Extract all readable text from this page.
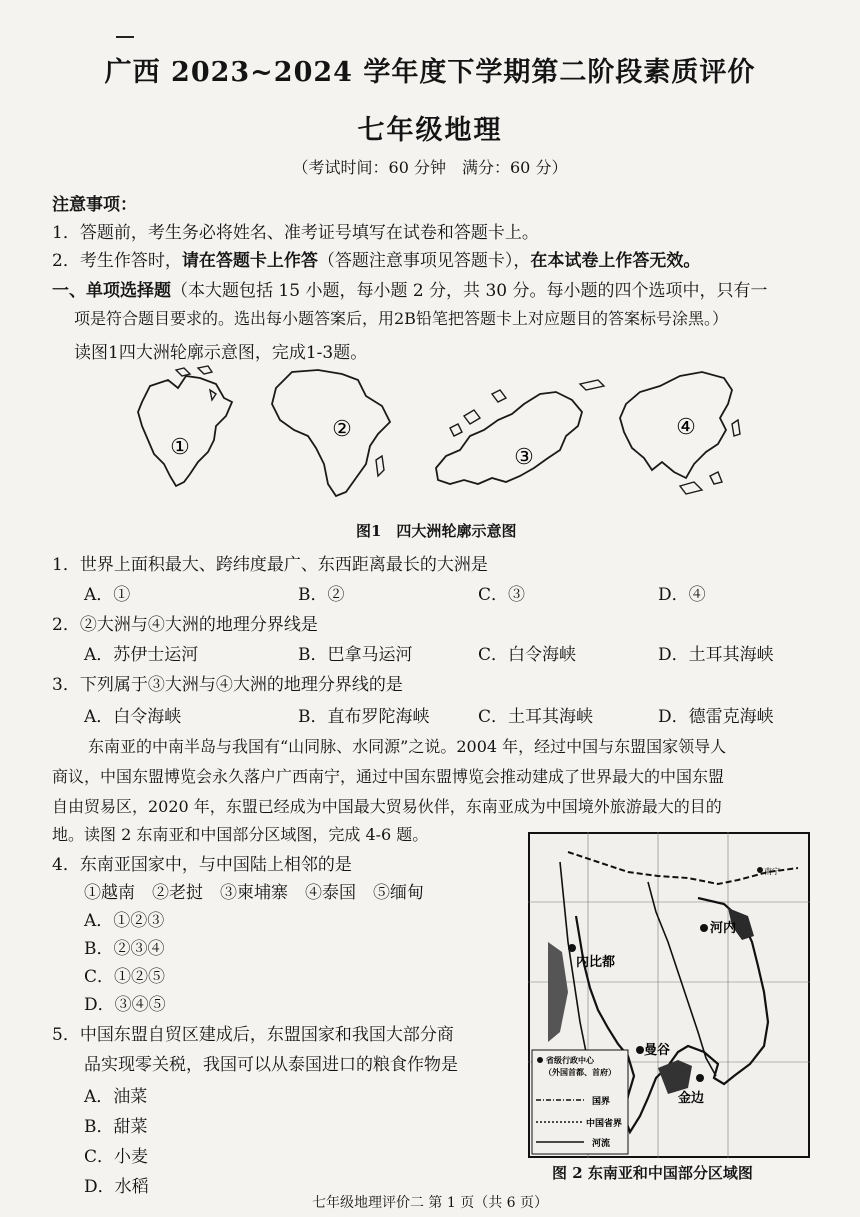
广西 2023~2024 学年度下学期第二阶段素质评价
七年级地理
（考试时间：60 分钟　满分：60 分）
注意事项：
1．答题前，考生务必将姓名、准考证号填写在试卷和答题卡上。
2．考生作答时，请在答题卡上作答（答题注意事项见答题卡），在本试卷上作答无效。
一、单项选择题（本大题包括 15 小题，每小题 2 分，共 30 分。每小题的四个选项中，只有一
项是符合题目要求的。选出每小题答案后，用2B铅笔把答题卡上对应题目的答案标号涂黑。）
读图1四大洲轮廓示意图，完成1-3题。
①
②
③
④
图1　四大洲轮廓示意图
1．世界上面积最大、跨纬度最广、东西距离最长的大洲是
A．①	B．②	C．③	D．④
2．②大洲与④大洲的地理分界线是
A．苏伊士运河	B．巴拿马运河	C．白令海峡	D．土耳其海峡
3．下列属于③大洲与④大洲的地理分界线的是
A．白令海峡	B．直布罗陀海峡	C．土耳其海峡	D．德雷克海峡
东南亚的中南半岛与我国有“山同脉、水同源”之说。2004 年，经过中国与东盟国家领导人
商议，中国东盟博览会永久落户广西南宁，通过中国东盟博览会推动建成了世界最大的中国东盟
自由贸易区，2020 年，东盟已经成为中国最大贸易伙伴，东南亚成为中国境外旅游最大的目的
地。读图 2 东南亚和中国部分区域图，完成 4-6 题。
4．东南亚国家中，与中国陆上相邻的是
①越南　②老挝　③柬埔寨　④泰国　⑤缅甸
A．①②③
B．②③④
C．①②⑤
D．③④⑤
5．中国东盟自贸区建成后，东盟国家和我国大部分商
品实现零关税，我国可以从泰国进口的粮食作物是
A．油菜
B．甜菜
C．小麦
D．水稻
内比都
河内
曼谷
金边
南宁
省级行政中心
（外国首都、首府）
国界
中国省界
河流
图 2 东南亚和中国部分区域图
七年级地理评价二 第 1 页（共 6 页）
